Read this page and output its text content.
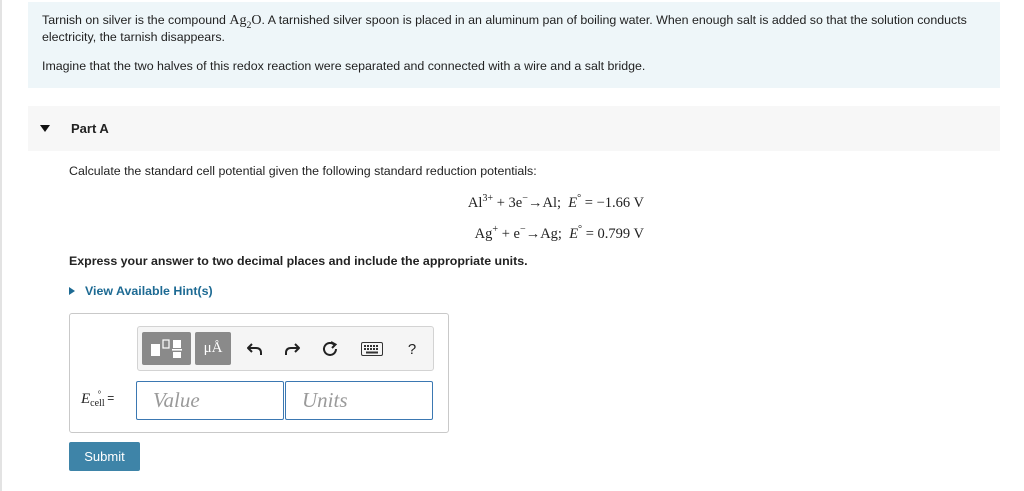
Tarnish on silver is the compound $Ag_2O$. A tarnished silver spoon is placed in an aluminum pan of boiling water. When enough salt is added so that the solution conducts electricity, the tarnish disappears.

Imagine that the two halves of this redox reaction were separated and connected with a wire and a salt bridge.

Part A
Calculate the standard cell potential given the following standard reduction potentials:
$Al^{3+} + 3e^-\to Al$; E° = −1.66 V
Ag+ + e−→Ag; E° = 0.799 V
Express your answer to two decimal places and include the appropriate units.
View Available Hint(s)
μÅ	?
$E_{cell}^\circ$ =
Value
Units
Submit
